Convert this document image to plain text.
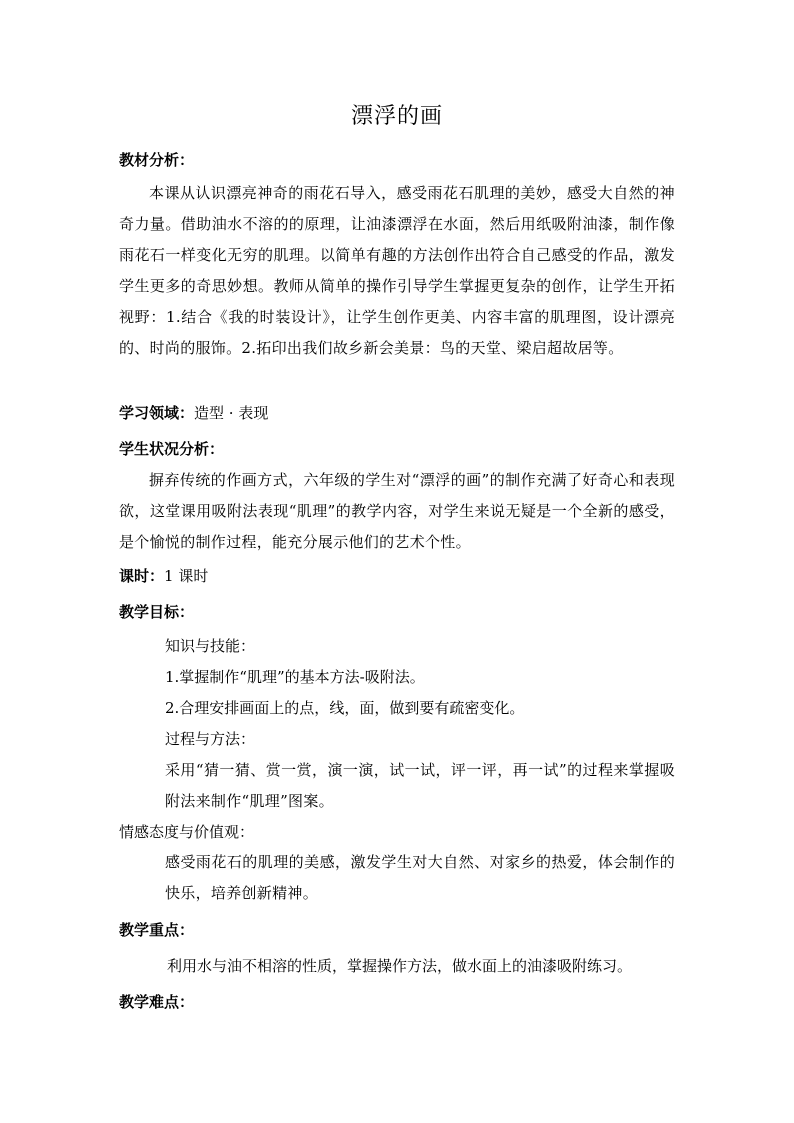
漂浮的画
教材分析：
本课从认识漂亮神奇的雨花石导入，感受雨花石肌理的美妙，感受大自然的神奇力量。借助油水不溶的的原理，让油漆漂浮在水面，然后用纸吸附油漆，制作像雨花石一样变化无穷的肌理。以简单有趣的方法创作出符合自己感受的作品，激发学生更多的奇思妙想。教师从简单的操作引导学生掌握更复杂的创作，让学生开拓视野：1.结合《我的时装设计》，让学生创作更美、内容丰富的肌理图，设计漂亮的、时尚的服饰。2.拓印出我们故乡新会美景：鸟的天堂、梁启超故居等。
学习领域：造型 · 表现
学生状况分析：
摒弃传统的作画方式，六年级的学生对“漂浮的画”的制作充满了好奇心和表现欲，这堂课用吸附法表现“肌理”的教学内容，对学生来说无疑是一个全新的感受，是个愉悦的制作过程，能充分展示他们的艺术个性。
课时：1 课时
教学目标：
知识与技能：
1.掌握制作“肌理”的基本方法-吸附法。
2.合理安排画面上的点，线，面，做到要有疏密变化。
过程与方法：
采用“猜一猜、赏一赏，演一演，试一试，评一评，再一试”的过程来掌握吸附法来制作“肌理”图案。
情感态度与价值观：
感受雨花石的肌理的美感，激发学生对大自然、对家乡的热爱，体会制作的快乐，培养创新精神。
教学重点：
利用水与油不相溶的性质，掌握操作方法，做水面上的油漆吸附练习。
教学难点：
